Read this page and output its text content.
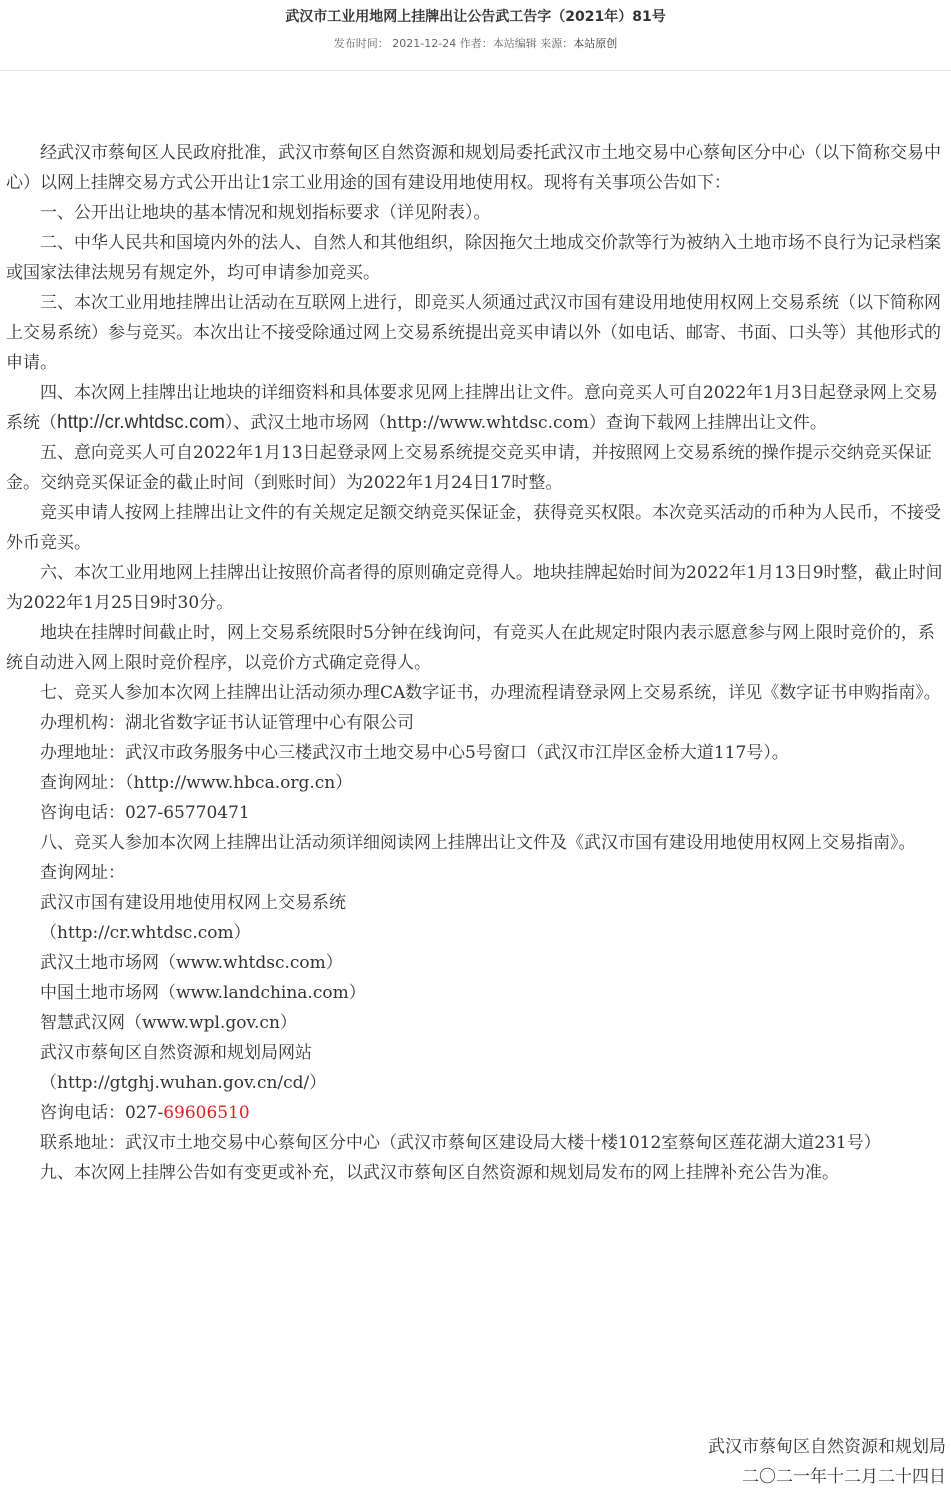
武汉市工业用地网上挂牌出让公告武工告字（2021年）81号
发布时间： 2021-12-24 作者：本站编辑 来源：本站原创

经武汉市蔡甸区人民政府批准，武汉市蔡甸区自然资源和规划局委托武汉市土地交易中心蔡甸区分中心（以下简称交易中心）以网上挂牌交易方式公开出让1宗工业用途的国有建设用地使用权。现将有关事项公告如下：

一、公开出让地块的基本情况和规划指标要求（详见附表）。

二、中华人民共和国境内外的法人、自然人和其他组织，除因拖欠土地成交价款等行为被纳入土地市场不良行为记录档案或国家法律法规另有规定外，均可申请参加竞买。

三、本次工业用地挂牌出让活动在互联网上进行，即竞买人须通过武汉市国有建设用地使用权网上交易系统（以下简称网上交易系统）参与竞买。本次出让不接受除通过网上交易系统提出竞买申请以外（如电话、邮寄、书面、口头等）其他形式的申请。

四、本次网上挂牌出让地块的详细资料和具体要求见网上挂牌出让文件。意向竞买人可自2022年1月3日起登录网上交易系统（http://cr.whtdsc.com）、武汉土地市场网（http://www.whtdsc.com）查询下载网上挂牌出让文件。

五、意向竞买人可自2022年1月13日起登录网上交易系统提交竞买申请，并按照网上交易系统的操作提示交纳竞买保证金。交纳竞买保证金的截止时间（到账时间）为2022年1月24日17时整。

竞买申请人按网上挂牌出让文件的有关规定足额交纳竞买保证金，获得竞买权限。本次竞买活动的币种为人民币，不接受外币竞买。

六、本次工业用地网上挂牌出让按照价高者得的原则确定竞得人。地块挂牌起始时间为2022年1月13日9时整，截止时间为2022年1月25日9时30分。

地块在挂牌时间截止时，网上交易系统限时5分钟在线询问，有竞买人在此规定时限内表示愿意参与网上限时竞价的，系统自动进入网上限时竞价程序，以竞价方式确定竞得人。

七、竞买人参加本次网上挂牌出让活动须办理CA数字证书，办理流程请登录网上交易系统，详见《数字证书申购指南》。

办理机构：湖北省数字证书认证管理中心有限公司

办理地址：武汉市政务服务中心三楼武汉市土地交易中心5号窗口（武汉市江岸区金桥大道117号）。

查询网址：（http://www.hbca.org.cn）

咨询电话：027-65770471

八、竞买人参加本次网上挂牌出让活动须详细阅读网上挂牌出让文件及《武汉市国有建设用地使用权网上交易指南》。

查询网址：

武汉市国有建设用地使用权网上交易系统

（http://cr.whtdsc.com）

武汉土地市场网（www.whtdsc.com）

中国土地市场网（www.landchina.com）

智慧武汉网（www.wpl.gov.cn）

武汉市蔡甸区自然资源和规划局网站

（http://gtghj.wuhan.gov.cn/cd/）

咨询电话：027-69606510

联系地址：武汉市土地交易中心蔡甸区分中心（武汉市蔡甸区建设局大楼十楼1012室蔡甸区莲花湖大道231号）

九、本次网上挂牌公告如有变更或补充，以武汉市蔡甸区自然资源和规划局发布的网上挂牌补充公告为准。

武汉市蔡甸区自然资源和规划局
二〇二一年十二月二十四日
